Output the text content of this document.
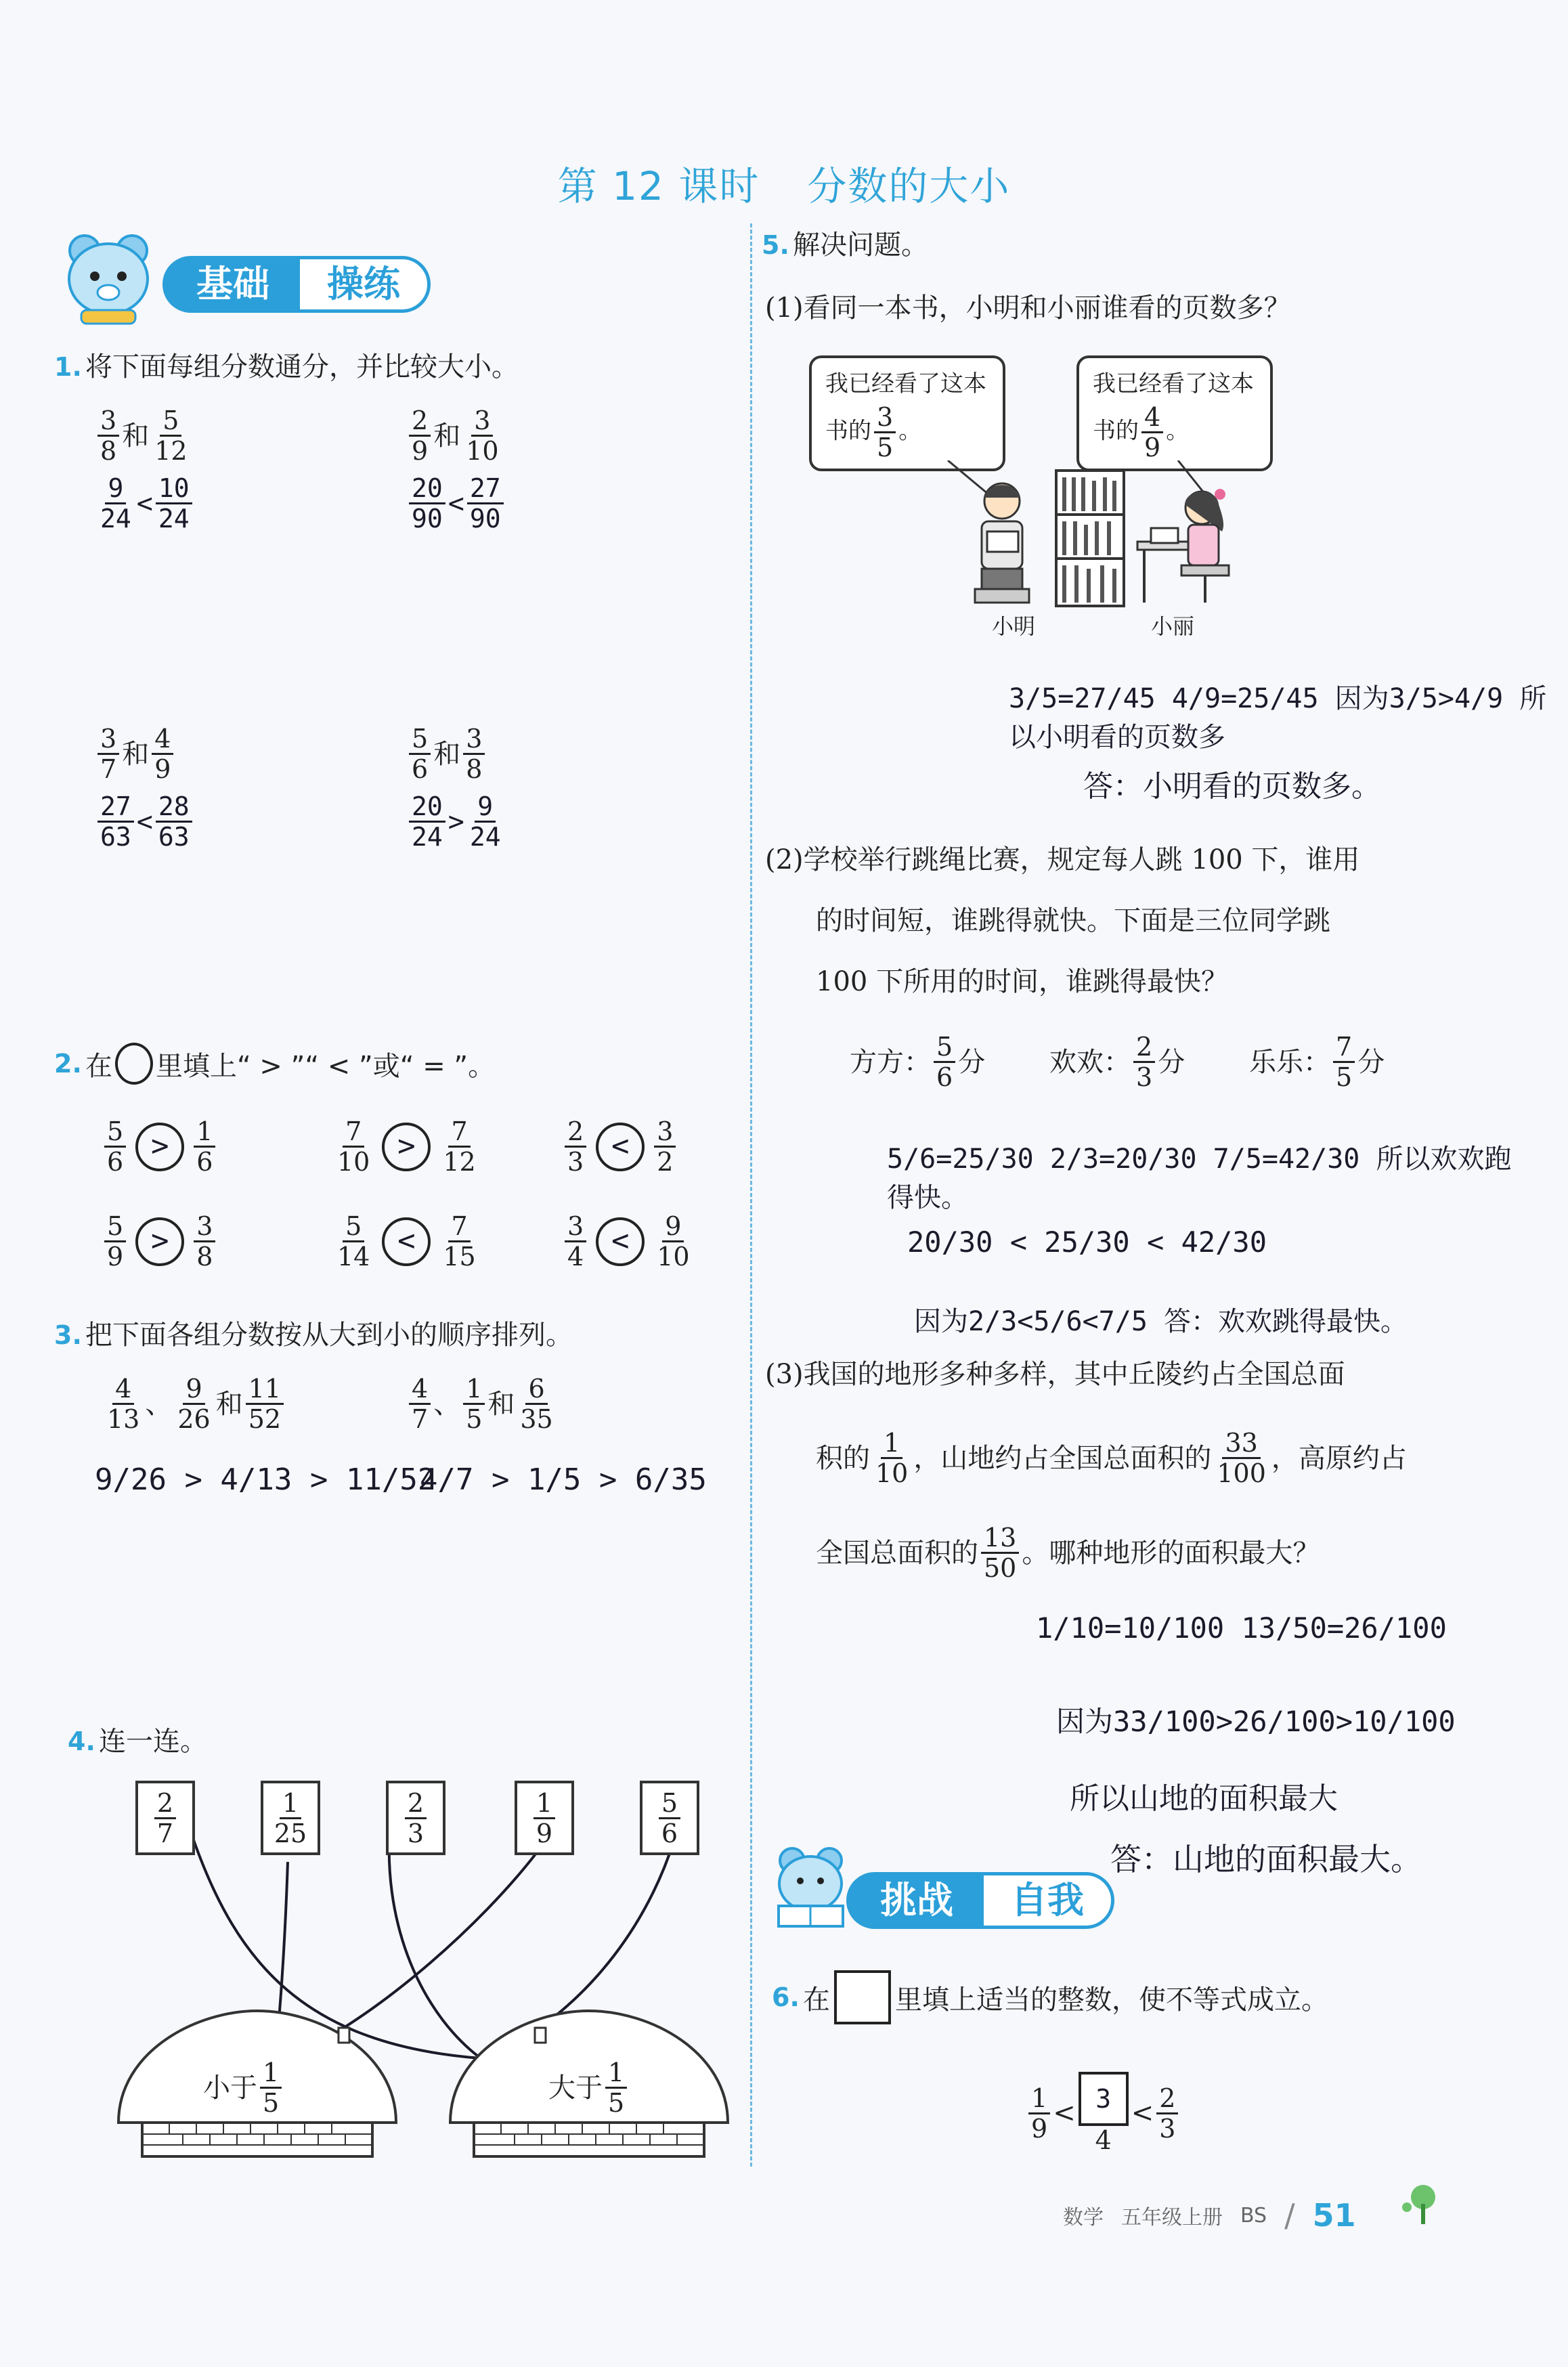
第 12 课时 分数的大小
基础	操练
1. 将下面每组分数通分，并比较大小。
$\frac{3}{8}$ 和 $\frac{5}{12}$
$\frac{9}{24} < \frac{10}{24}$
$\frac{2}{9}$ 和 $\frac{3}{10}$
$\frac{20}{90} < \frac{27}{90}$
$\frac{3}{7}$ 和 $\frac{4}{9}$
$\frac{27}{63} < \frac{28}{63}$
$\frac{5}{6}$ 和 $\frac{3}{8}$
$\frac{20}{24} > \frac{9}{24}$
2.
在 里填上“ > ”“ < ”或“ = ”。
$\frac{5}{6} > \frac{1}{6}$	$\frac{7}{10} > \frac{7}{12}$	$\frac{2}{3} < \frac{3}{2}$
$\frac{5}{9} > \frac{3}{8}$	$\frac{5}{14} < \frac{7}{15}$	$\frac{3}{4} < \frac{9}{10}$
3. 把下面各组分数按从大到小的顺序排列。
$\frac{4}{13}$ 、 $\frac{9}{26}$ 和 $\frac{11}{52}$
9/26 > 4/13 > 11/52
$\frac{4}{7}$ 、 $\frac{1}{5}$ 和 $\frac{6}{35}$
4/7 > 1/5 > 6/35
4. 连一连。
$\frac{2}{7}$	$\frac{1}{25}$	$\frac{2}{3}$	$\frac{1}{9}$	$\frac{5}{6}$
小于 $\frac{1}{5}$	大于 $\frac{1}{5}$
5. 解决问题。
(1)看同一本书，小明和小丽谁看的页数多？
我已经看了这本书的 $\frac{3}{5}$ 。
我已经看了这本书的 $\frac{4}{9}$ 。
小明	小丽
3/5=27/45 4/9=25/45 因为3/5>4/9 所以小明看的页数多
答：小明看的页数多。
(2)学校举行跳绳比赛，规定每人跳 100 下，谁用
的时间短，谁跳得就快。下面是三位同学跳
100 下所用的时间，谁跳得最快？
方方： $\frac{5}{6}$ 分 欢欢： $\frac{2}{3}$ 分 乐乐： $\frac{7}{5}$ 分
5/6=25/30 2/3=20/30 7/5=42/30 所以欢欢跑得快。
20/30 < 25/30 < 42/30
因为2/3<5/6<7/5 答：欢欢跳得最快。
(3)我国的地形多种多样，其中丘陵约占全国总面
积的 $\frac{1}{10}$ ，山地约占全国总面积的 $\frac{33}{100}$ ，高原约占
全国总面积的 $\frac{13}{50}$ 。哪种地形的面积最大？
1/10=10/100 13/50=26/100
因为33/100>26/100>10/100
所以山地的面积最大
答：山地的面积最大。
挑战	自我
6.
在 里填上适当的整数，使不等式成立。
$\frac{1}{9} < \frac{3}{4} < \frac{2}{3}$
数学 五年级上册 BS / 51
